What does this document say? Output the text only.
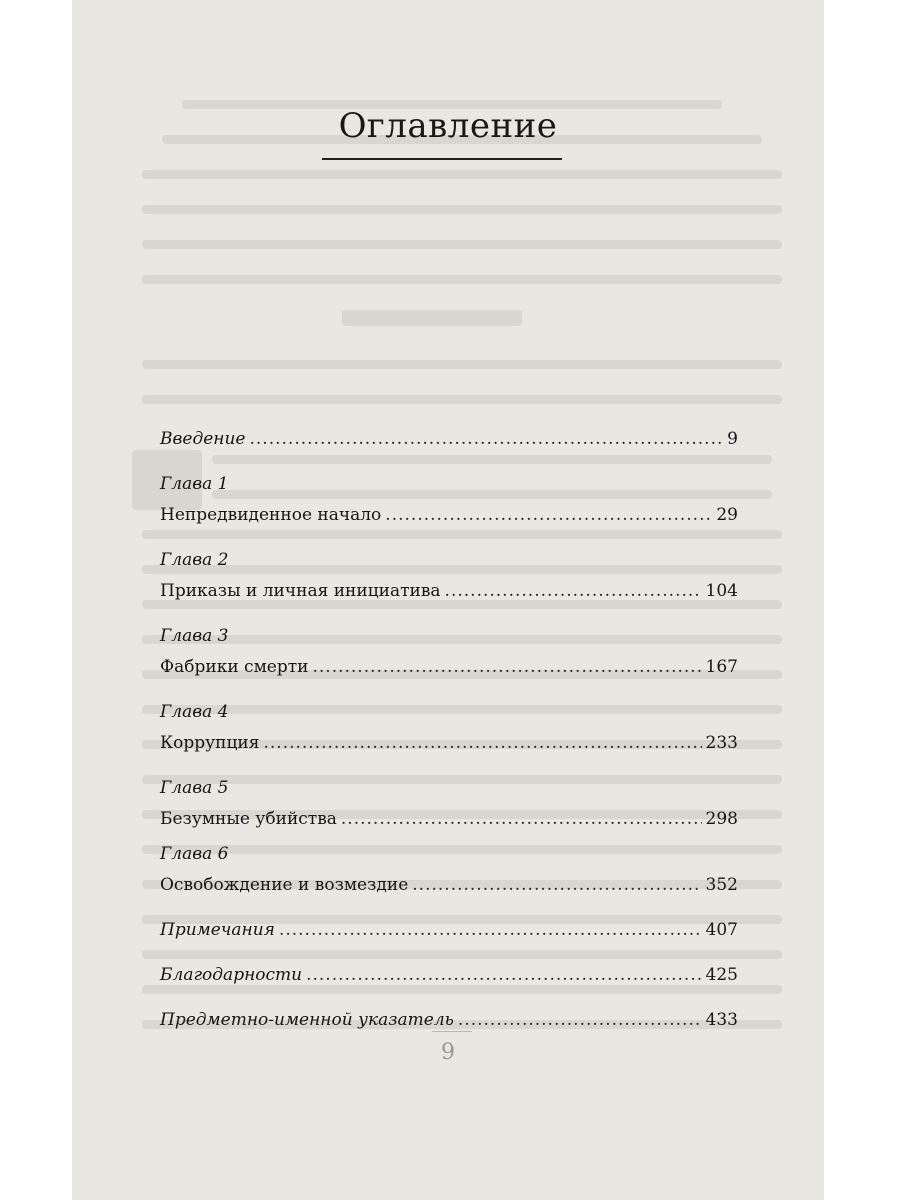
Оглавление
Введение .....	9
Глава 1
Непредвиденное начало .....	29
Глава 2
Приказы и личная инициатива .....	104
Глава 3
Фабрики смерти .....	167
Глава 4
Коррупция .....	233
Глава 5
Безумные убийства .....	298
Глава 6
Освобождение и возмездие .....	352
Примечания .....	407
Благодарности .....	425
Предметно-именной указатель .....	433
9
